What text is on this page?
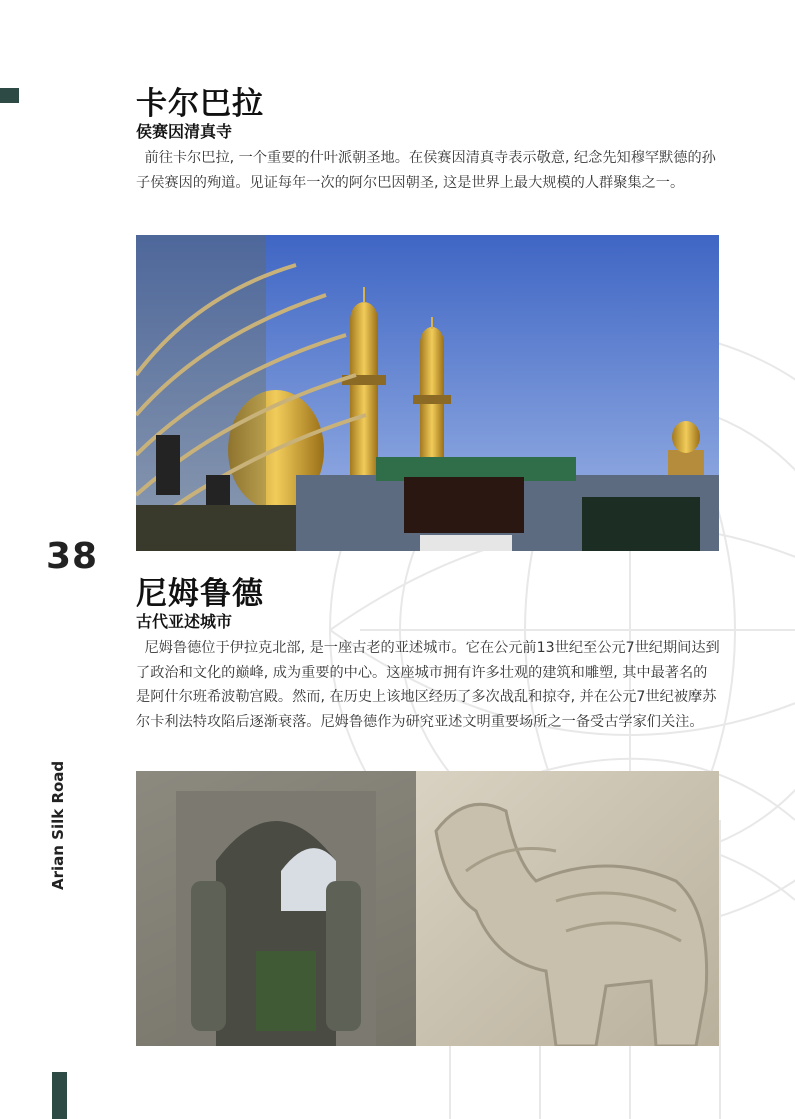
38
Arian Silk Road
卡尔巴拉
侯赛因清真寺

前往卡尔巴拉, 一个重要的什叶派朝圣地。在侯赛因清真寺表示敬意, 纪念先知穆罕默德的孙子侯赛因的殉道。见证每年一次的阿尔巴因朝圣, 这是世界上最大规模的人群聚集之一。

尼姆鲁德
古代亚述城市

尼姆鲁德位于伊拉克北部, 是一座古老的亚述城市。它在公元前13世纪至公元7世纪期间达到了政治和文化的巅峰, 成为重要的中心。这座城市拥有许多壮观的建筑和雕塑, 其中最著名的是阿什尔班希波勒宫殿。然而, 在历史上该地区经历了多次战乱和掠夺, 并在公元7世纪被摩苏尔卡利法特攻陷后逐渐衰落。尼姆鲁德作为研究亚述文明重要场所之一备受古学家们关注。
